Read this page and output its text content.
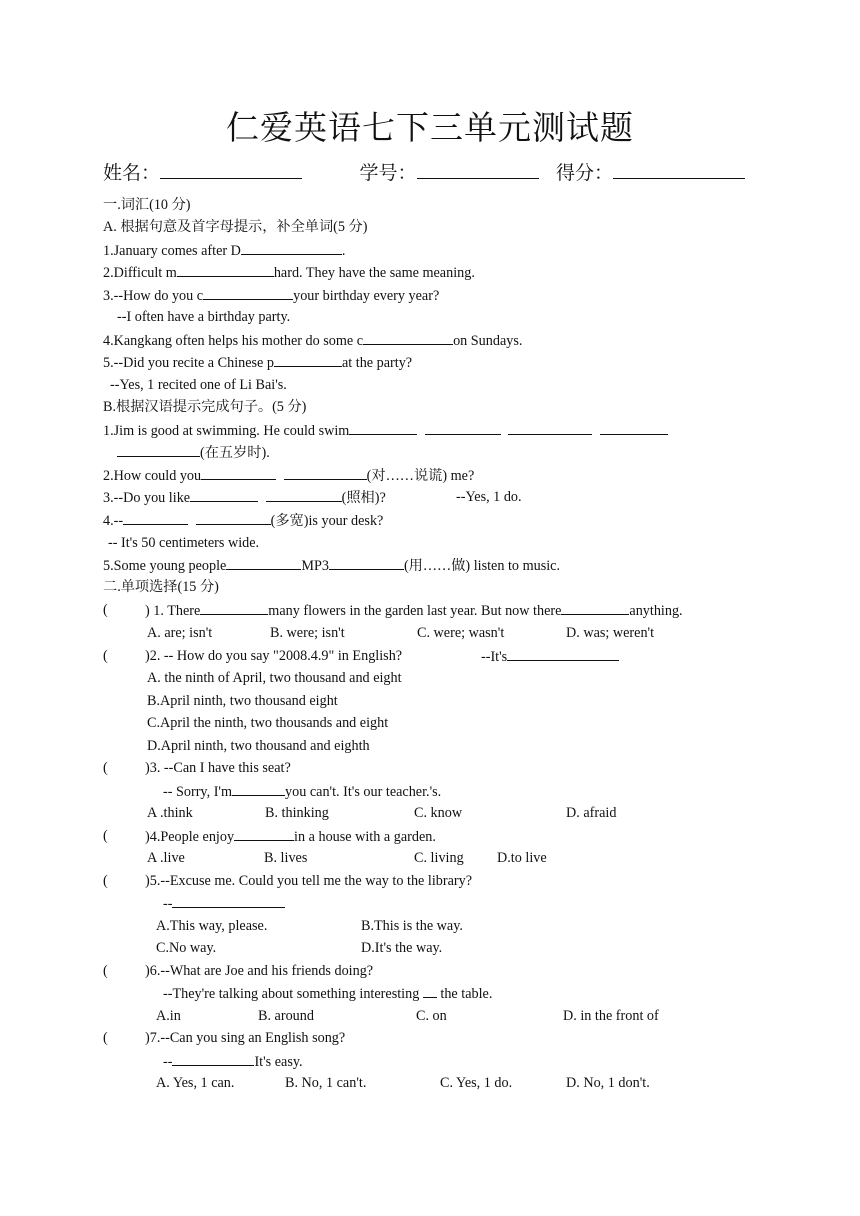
仁爱英语七下三单元测试题
姓名：	学号：	得分：
一.词汇(10 分)
A. 根据句意及首字母提示，补全单词(5 分)
1.January comes after D	.
2.Difficult m	hard. They have the same meaning.
3.--How do you c	your birthday every year?
--I often have a birthday party.
4.Kangkang often helps his mother do some c	on Sundays.
5.--Did you recite a Chinese p	at the party?
--Yes, 1 recited one of Li Bai's.
B.根据汉语提示完成句子。(5 分)
1.Jim is good at swimming. He could swim
(在五岁时).
2.How could you	(对……说谎) me?
3.--Do you like	(照相)?	--Yes, 1 do.
4.--	(多宽)is your desk?
-- It's 50 centimeters wide.
5.Some young people	MP3	(用……做) listen to music.
二.单项选择(15 分)
(	) 1. There	many flowers in the garden last year. But now there	anything.
A. are; isn't	B. were; isn't	C. were; wasn't	D. was; weren't
(	)2. -- How do you say "2008.4.9" in English?	--It's
A. the ninth of April, two thousand and eight
B.April ninth, two thousand eight
C.April the ninth, two thousands and eight
D.April ninth, two thousand and eighth
(	)3. --Can I have this seat?
-- Sorry, I'm	you can't. It's our teacher.'s.
A .think	B. thinking	C. know	D. afraid
(	)4.People enjoy	in a house with a garden.
A .live	B. lives	C. living D.to live
(	)5.--Excuse me. Could you tell me the way to the library?
--
A.This way, please.	B.This is the way.
C.No way.	D.It's the way.
(	)6.--What are Joe and his friends doing?
--They're talking about something interesting the table.
A.in	B. around	C. on	D. in the front of
(	)7.--Can you sing an English song?
--	It's easy.
A. Yes, 1 can.	B. No, 1 can't.	C. Yes, 1 do.	D. No, 1 don't.
